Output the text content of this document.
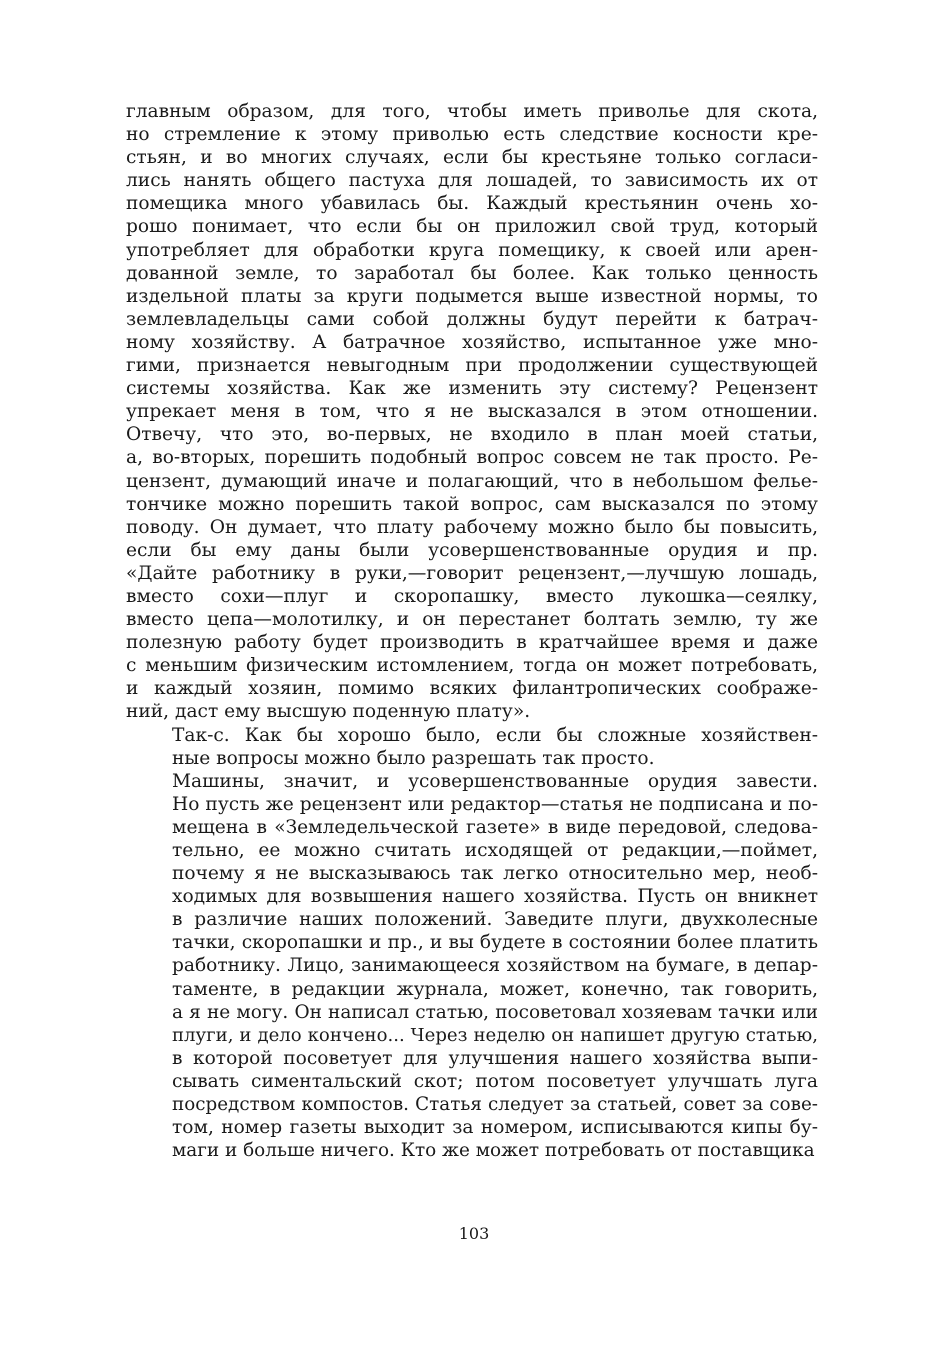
главным образом, для того, чтобы иметь приволье для скота,
но стремление к этому приволью есть следствие косности кре-
стьян, и во многих случаях, если бы крестьяне только согласи-
лись нанять общего пастуха для лошадей, то зависимость их от
помещика много убавилась бы. Каждый крестьянин очень хо-
рошо понимает, что если бы он приложил свой труд, который
употребляет для обработки круга помещику, к своей или арен-
дованной земле, то заработал бы более. Как только ценность
издельной платы за круги подымется выше известной нормы, то
землевладельцы сами собой должны будут перейти к батрач-
ному хозяйству. А батрачное хозяйство, испытанное уже мно-
гими, признается невыгодным при продолжении существующей
системы хозяйства. Как же изменить эту систему? Рецензент
упрекает меня в том, что я не высказался в этом отношении.
Отвечу, что это, во-первых, не входило в план моей статьи,
а, во-вторых, порешить подобный вопрос совсем не так просто. Ре-
цензент, думающий иначе и полагающий, что в небольшом фелье-
тончике можно порешить такой вопрос, сам высказался по этому
поводу. Он думает, что плату рабочему можно было бы повысить,
если бы ему даны были усовершенствованные орудия и пр.
«Дайте работнику в руки,—говорит рецензент,—лучшую лошадь,
вместо сохи—плуг и скоропашку, вместо лукошка—сеялку,
вместо цепа—молотилку, и он перестанет болтать землю, ту же
полезную работу будет производить в кратчайшее время и даже
с меньшим физическим истомлением, тогда он может потребовать,
и каждый хозяин, помимо всяких филантропических соображе-
ний, даст ему высшую поденную плату».
Так-с. Как бы хорошо было, если бы сложные хозяйствен-
ные вопросы можно было разрешать так просто.
Машины, значит, и усовершенствованные орудия завести.
Но пусть же рецензент или редактор—статья не подписана и по-
мещена в «Земледельческой газете» в виде передовой, следова-
тельно, ее можно считать исходящей от редакции,—поймет,
почему я не высказываюсь так легко относительно мер, необ-
ходимых для возвышения нашего хозяйства. Пусть он вникнет
в различие наших положений. Заведите плуги, двухколесные
тачки, скоропашки и пр., и вы будете в состоянии более платить
работнику. Лицо, занимающееся хозяйством на бумаге, в депар-
таменте, в редакции журнала, может, конечно, так говорить,
а я не могу. Он написал статью, посоветовал хозяевам тачки или
плуги, и дело кончено... Через неделю он напишет другую статью,
в которой посоветует для улучшения нашего хозяйства выпи-
сывать симентальский скот; потом посоветует улучшать луга
посредством компостов. Статья следует за статьей, совет за сове-
том, номер газеты выходит за номером, исписываются кипы бу-
маги и больше ничего. Кто же может потребовать от поставщика
103
